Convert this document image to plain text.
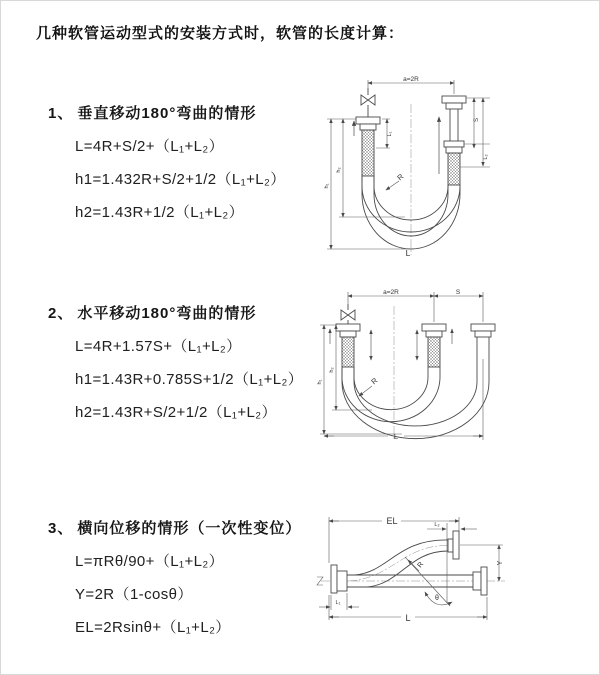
几种软管运动型式的安装方式时，软管的长度计算：
1、 垂直移动180°弯曲的情形
L=4R+S/2+（L₁+L₂）
h1=1.432R+S/2+1/2（L₁+L₂）
h2=1.43R+1/2（L₁+L₂）
a=2R
S
L₂
h₁
h₂
L₁
R
L
2、 水平移动180°弯曲的情形
L=4R+1.57S+（L₁+L₂）
h1=1.43R+0.785S+1/2（L₁+L₂）
h2=1.43R+S/2+1/2（L₁+L₂）
a=2R	S
h₁
h₂
R
L
3、 横向位移的情形（一次性变位）
L=πRθ/90+（L₁+L₂）
Y=2R（1-cosθ）
EL=2Rsinθ+（L₁+L₂）
EL	L₂
Y
R
θ
L
L₁
